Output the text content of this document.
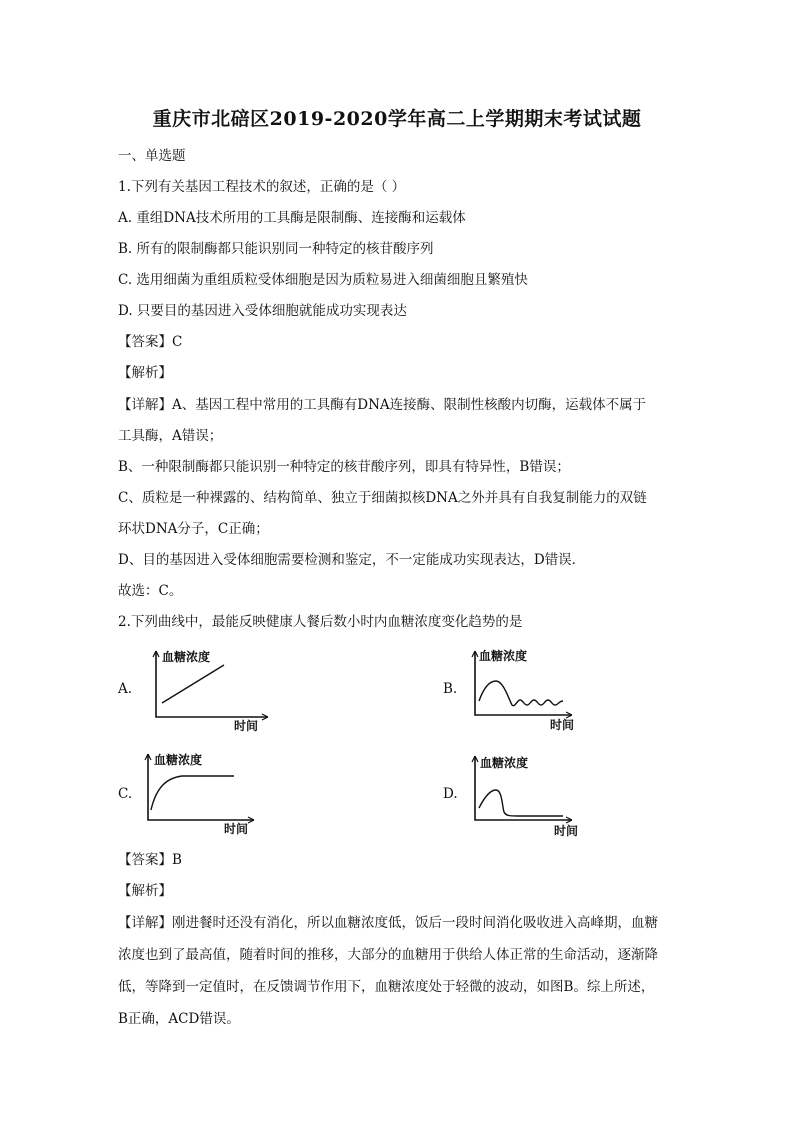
重庆市北碚区2019-2020学年高二上学期期末考试试题
一、单选题
1.下列有关基因工程技术的叙述，正确的是（ ）
A. 重组DNA技术所用的工具酶是限制酶、连接酶和运载体
B. 所有的限制酶都只能识别同一种特定的核苷酸序列
C. 选用细菌为重组质粒受体细胞是因为质粒易进入细菌细胞且繁殖快
D. 只要目的基因进入受体细胞就能成功实现表达
【答案】C
【解析】
【详解】A、基因工程中常用的工具酶有DNA连接酶、限制性核酸内切酶，运载体不属于
工具酶，A错误；
B、一种限制酶都只能识别一种特定的核苷酸序列，即具有特异性，B错误；
C、质粒是一种裸露的、结构简单、独立于细菌拟核DNA之外并具有自我复制能力的双链
环状DNA分子，C正确；
D、目的基因进入受体细胞需要检测和鉴定，不一定能成功实现表达，D错误．
故选：C。
2.下列曲线中，最能反映健康人餐后数小时内血糖浓度变化趋势的是
A.
血糖浓度
时间
B.
血糖浓度
时间
C.
血糖浓度
时间
D.
血糖浓度
时间
【答案】B
【解析】
【详解】刚进餐时还没有消化，所以血糖浓度低，饭后一段时间消化吸收进入高峰期，血糖
浓度也到了最高值，随着时间的推移，大部分的血糖用于供给人体正常的生命活动，逐渐降
低，等降到一定值时，在反馈调节作用下，血糖浓度处于轻微的波动，如图B。综上所述，
B正确，ACD错误。
